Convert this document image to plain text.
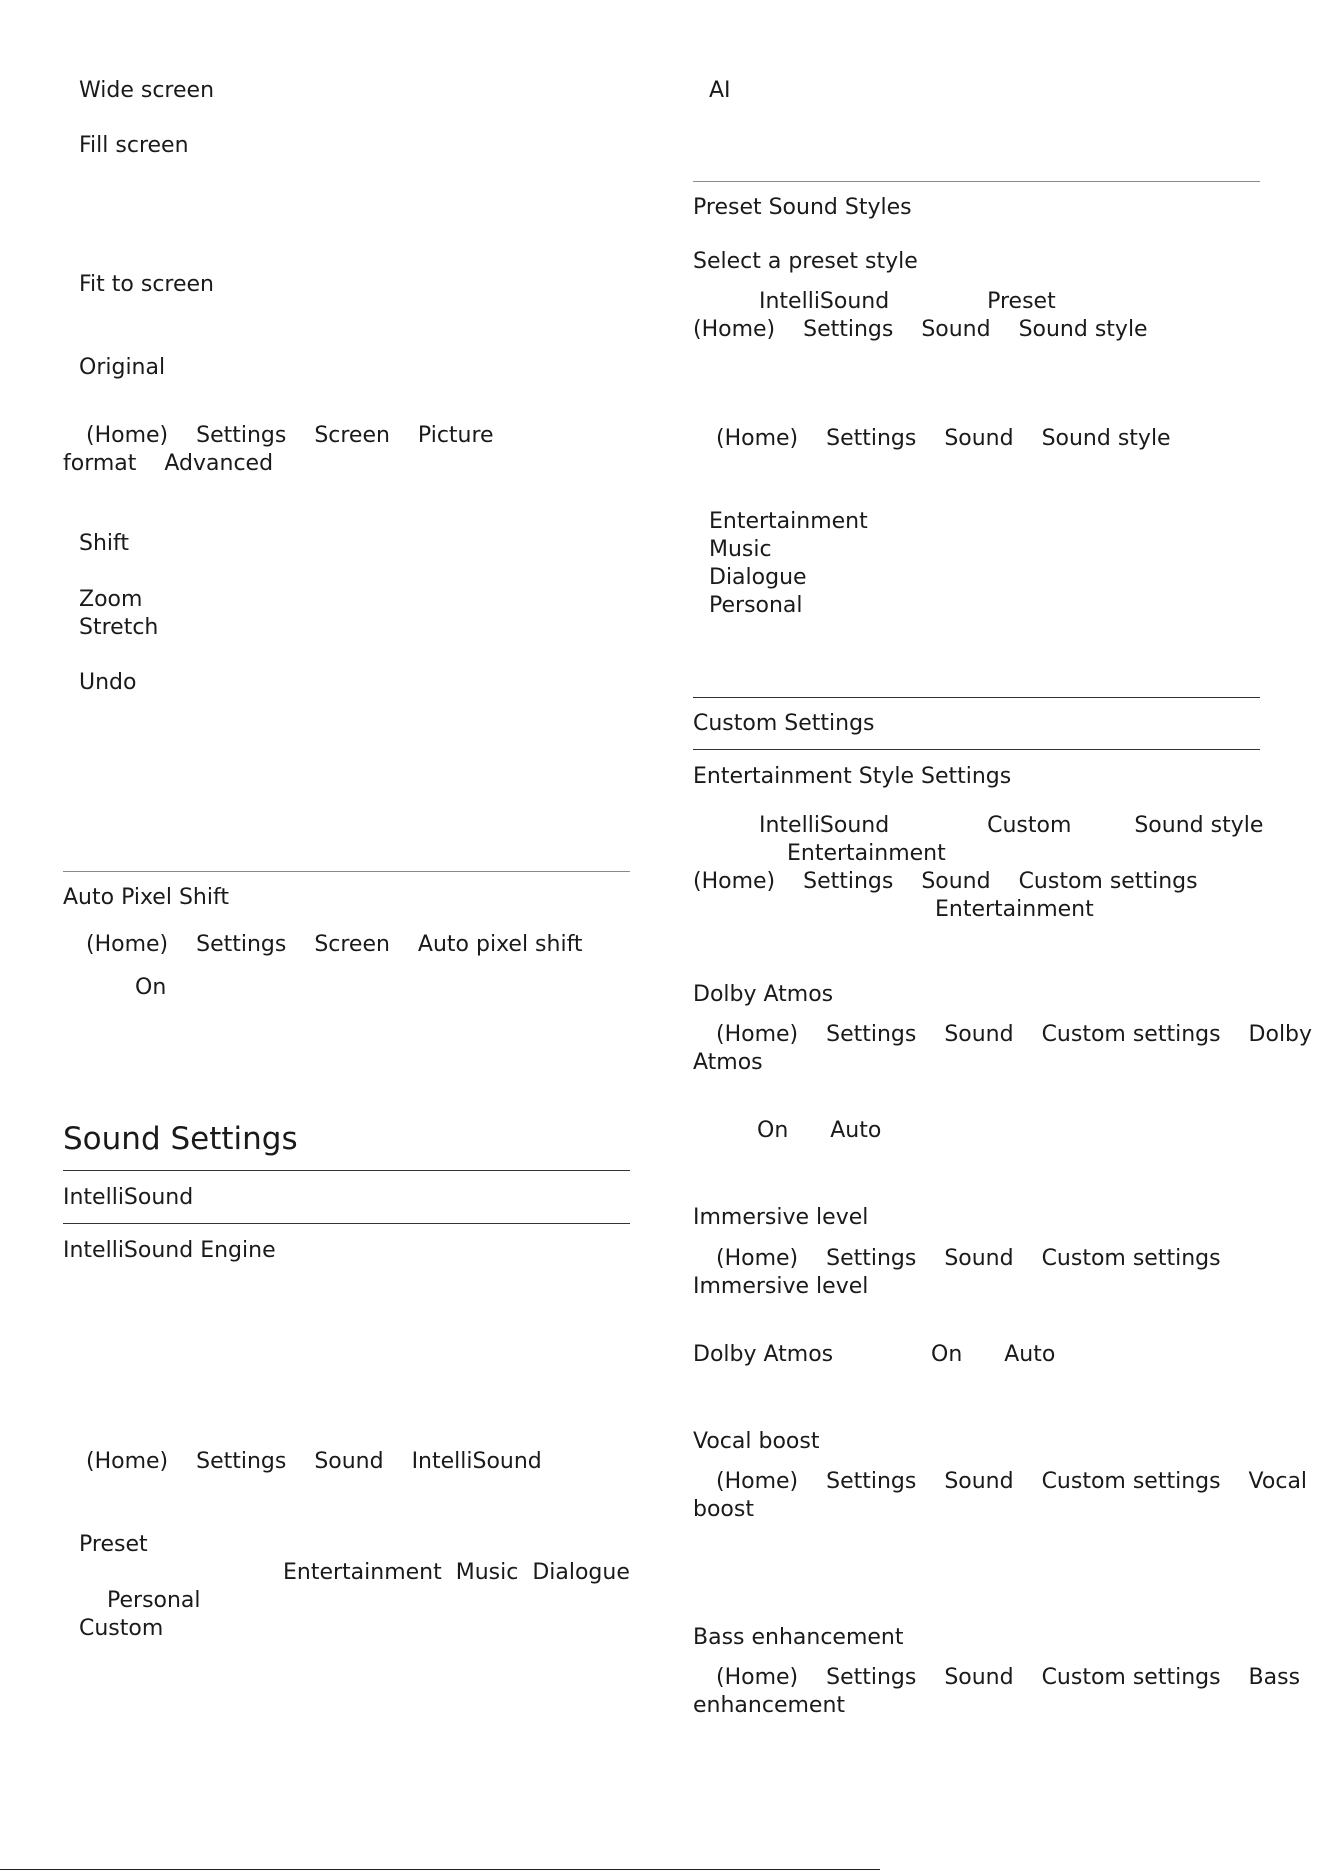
Wide screen
Fill screen
Fit to screen
Original
(Home)    Settings    Screen    Picture
format    Advanced
Shift
Zoom
Stretch
Undo
Auto Pixel Shift
(Home)    Settings    Screen    Auto pixel shift
On
Sound Settings
IntelliSound
IntelliSound Engine
(Home)    Settings    Sound    IntelliSound
Preset
Entertainment  Music  Dialogue
Personal
Custom
AI
Preset Sound Styles
Select a preset style
IntelliSound              Preset
(Home)    Settings    Sound    Sound style
(Home)    Settings    Sound    Sound style
Entertainment
Music
Dialogue
Personal
Custom Settings
Entertainment Style Settings
IntelliSound              Custom         Sound style
Entertainment
(Home)    Settings    Sound    Custom settings
Entertainment
Dolby Atmos
(Home)    Settings    Sound    Custom settings    Dolby
Atmos
On      Auto
Immersive level
(Home)    Settings    Sound    Custom settings
Immersive level
Dolby Atmos              On      Auto
Vocal boost
(Home)    Settings    Sound    Custom settings    Vocal
boost
Bass enhancement
(Home)    Settings    Sound    Custom settings    Bass
enhancement
